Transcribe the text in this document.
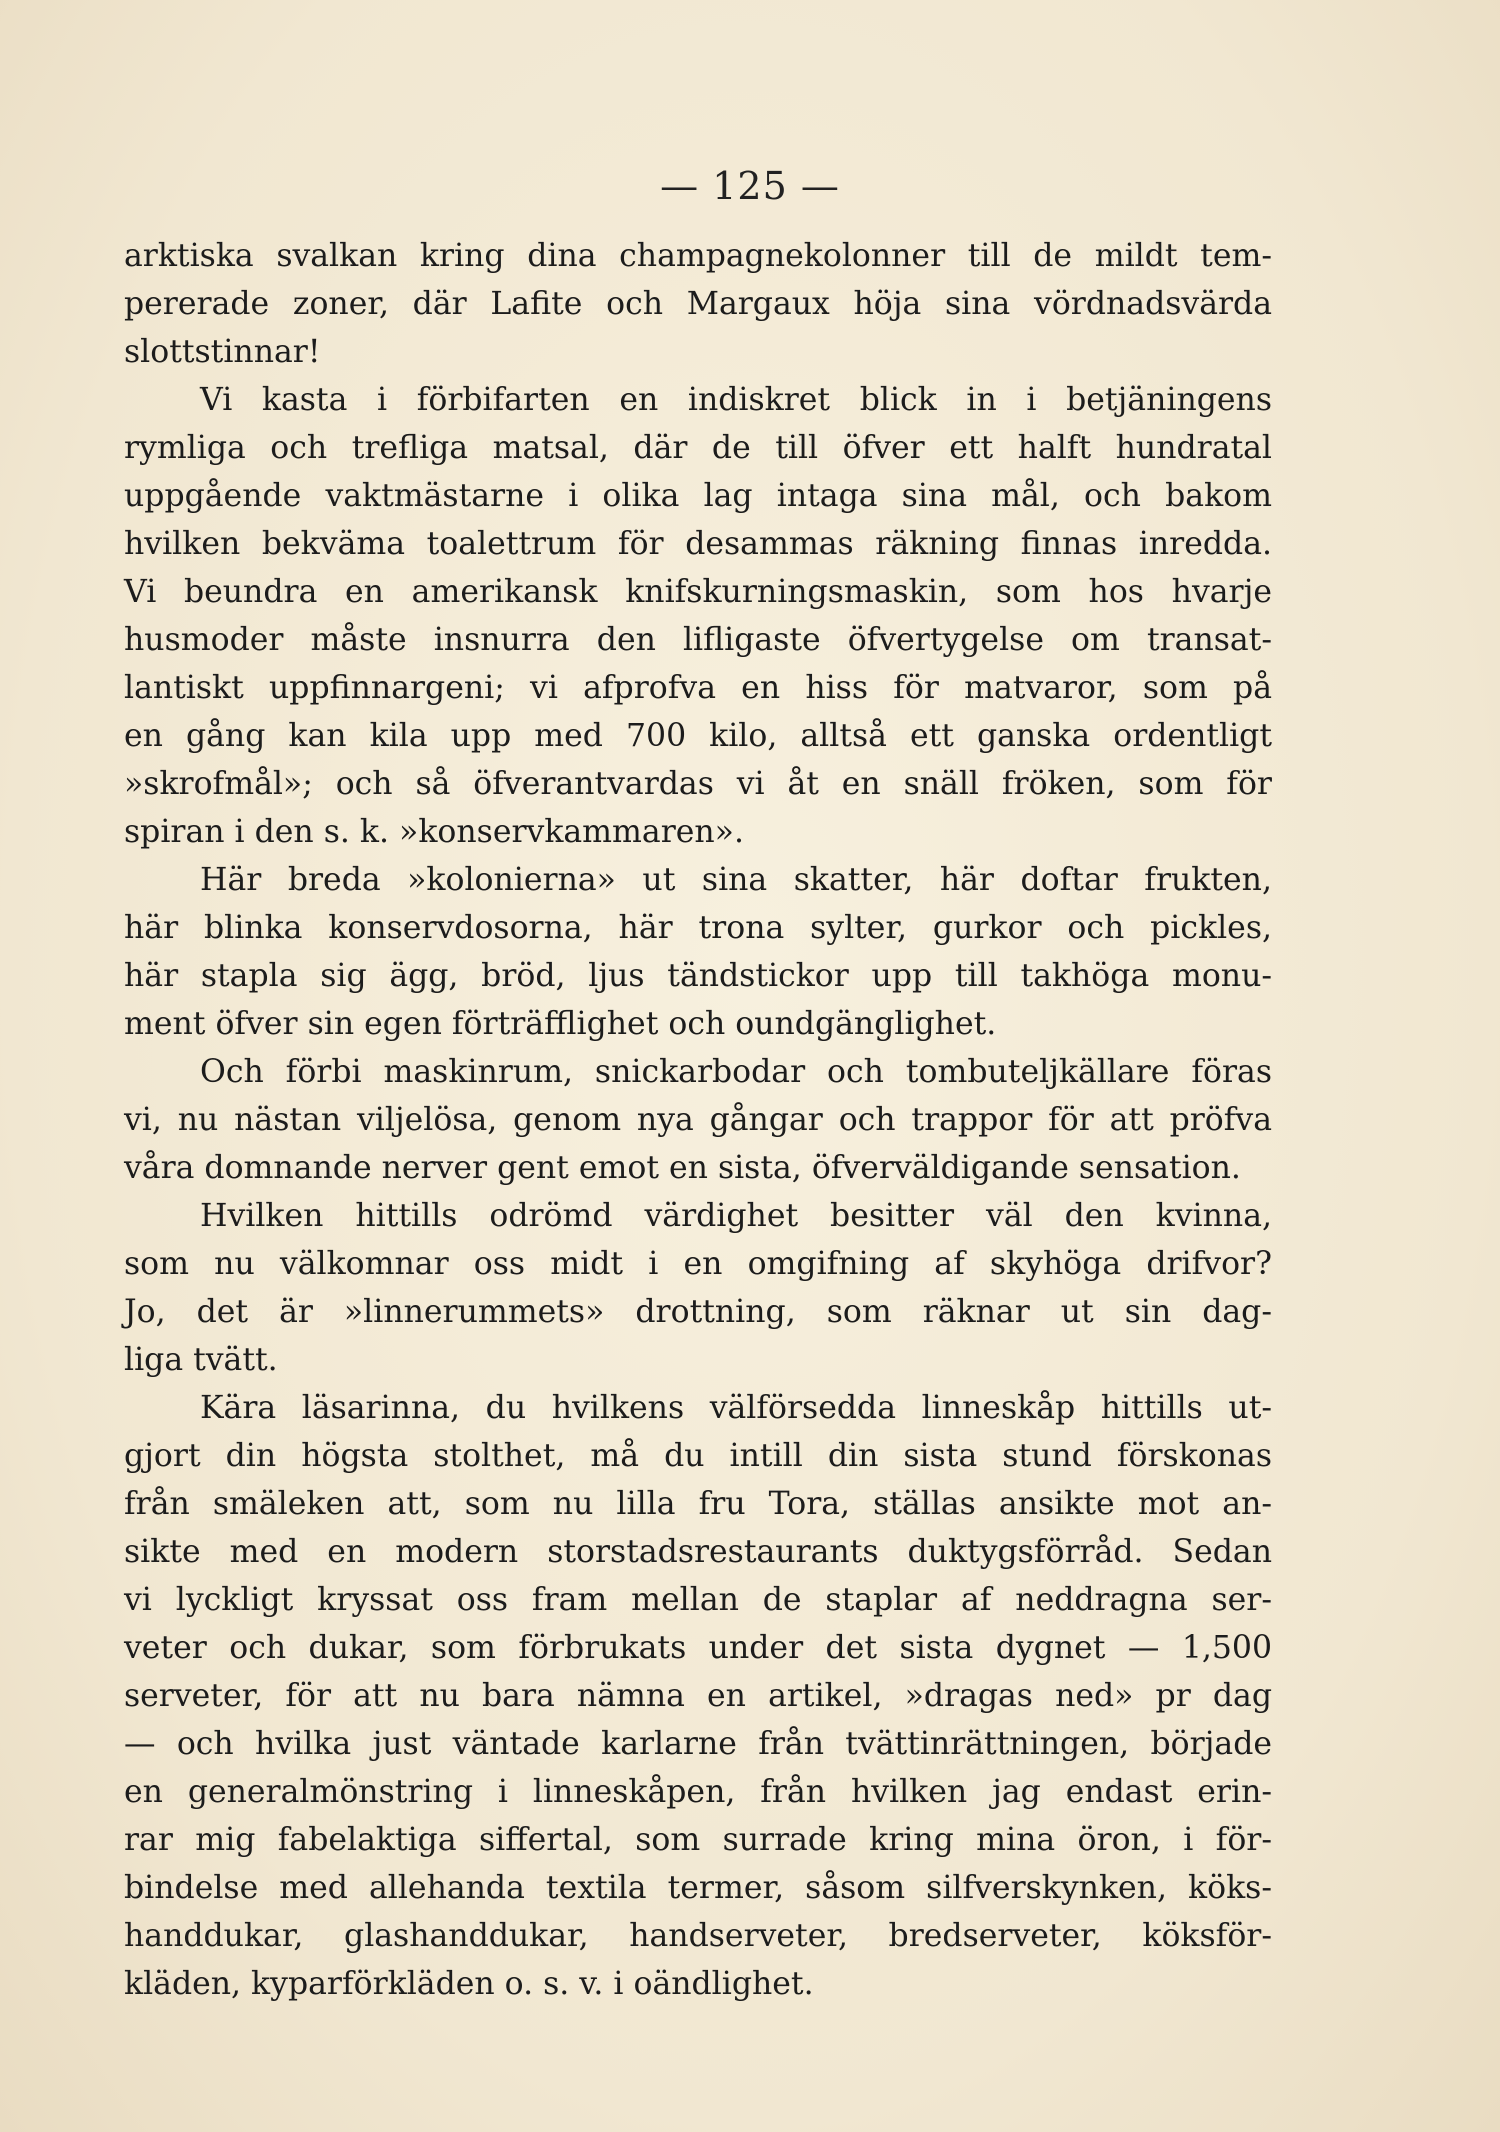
— 125 —
arktiska svalkan kring dina champagnekolonner till de mildt tem-
pererade zoner, där Lafite och Margaux höja sina vördnadsvärda
slottstinnar!
Vi kasta i förbifarten en indiskret blick in i betjäningens
rymliga och trefliga matsal, där de till öfver ett halft hundratal
uppgående vaktmästarne i olika lag intaga sina mål, och bakom
hvilken bekväma toalettrum för desammas räkning finnas inredda.
Vi beundra en amerikansk knifskurningsmaskin, som hos hvarje
husmoder måste insnurra den lifligaste öfvertygelse om transat-
lantiskt uppfinnargeni; vi afprofva en hiss för matvaror, som på
en gång kan kila upp med 700 kilo, alltså ett ganska ordentligt
»skrofmål»; och så öfverantvardas vi åt en snäll fröken, som för
spiran i den s. k. »konservkammaren».
Här breda »kolonierna» ut sina skatter, här doftar frukten,
här blinka konservdosorna, här trona sylter, gurkor och pickles,
här stapla sig ägg, bröd, ljus tändstickor upp till takhöga monu-
ment öfver sin egen förträfflighet och oundgänglighet.
Och förbi maskinrum, snickarbodar och tombuteljkällare föras
vi, nu nästan viljelösa, genom nya gångar och trappor för att pröfva
våra domnande nerver gent emot en sista, öfverväldigande sensation.
Hvilken hittills odrömd värdighet besitter väl den kvinna,
som nu välkomnar oss midt i en omgifning af skyhöga drifvor?
Jo, det är »linnerummets» drottning, som räknar ut sin dag-
liga tvätt.
Kära läsarinna, du hvilkens välförsedda linneskåp hittills ut-
gjort din högsta stolthet, må du intill din sista stund förskonas
från smäleken att, som nu lilla fru Tora, ställas ansikte mot an-
sikte med en modern storstadsrestaurants duktygsförråd. Sedan
vi lyckligt kryssat oss fram mellan de staplar af neddragna ser-
veter och dukar, som förbrukats under det sista dygnet — 1,500
serveter, för att nu bara nämna en artikel, »dragas ned» pr dag
— och hvilka just väntade karlarne från tvättinrättningen, började
en generalmönstring i linneskåpen, från hvilken jag endast erin-
rar mig fabelaktiga siffertal, som surrade kring mina öron, i för-
bindelse med allehanda textila termer, såsom silfverskynken, köks-
handdukar, glashanddukar, handserveter, bredserveter, köksför-
kläden, kyparförkläden o. s. v. i oändlighet.
